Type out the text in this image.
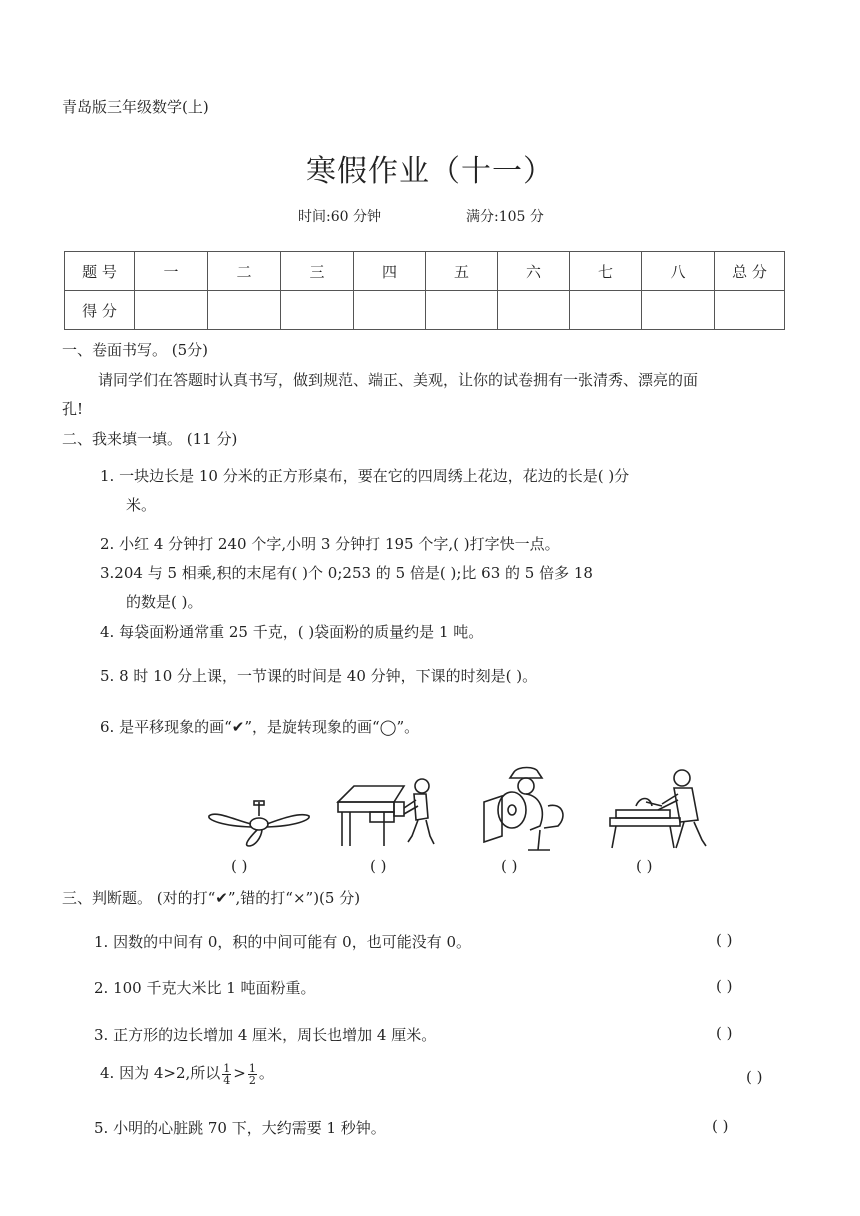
青岛版三年级数学(上)
寒假作业（十一）
时间:60 分钟	满分:105 分
题 号	一	二	三	四	五	六	七	八	总 分
得 分									
一、卷面书写。 (5分)
请同学们在答题时认真书写，做到规范、端正、美观，让你的试卷拥有一张清秀、漂亮的面
孔!
二、我来填一填。 (11 分)
1. 一块边长是 10 分米的正方形桌布，要在它的四周绣上花边，花边的长是( )分
米。
2. 小红 4 分钟打 240 个字,小明 3 分钟打 195 个字,( )打字快一点。
3.204 与 5 相乘,积的末尾有( )个 0;253 的 5 倍是( );比 63 的 5 倍多 18
的数是( )。
4. 每袋面粉通常重 25 千克，( )袋面粉的质量约是 1 吨。
5. 8 时 10 分上课，一节课的时间是 40 分钟，下课的时刻是( )。
6. 是平移现象的画“✔”，是旋转现象的画“◯”。
( )	( )	( )	( )
三、判断题。 (对的打“✔”,错的打“×”)(5 分)
1. 因数的中间有 0，积的中间可能有 0，也可能没有 0。	( )
2. 100 千克大米比 1 吨面粉重。	( )
3. 正方形的边长增加 4 厘米，周长也增加 4 厘米。	( )
4. 因为 4>2,所以 $\frac{1}{4} > \frac{1}{2}$ 。	( )
5. 小明的心脏跳 70 下，大约需要 1 秒钟。	( )
